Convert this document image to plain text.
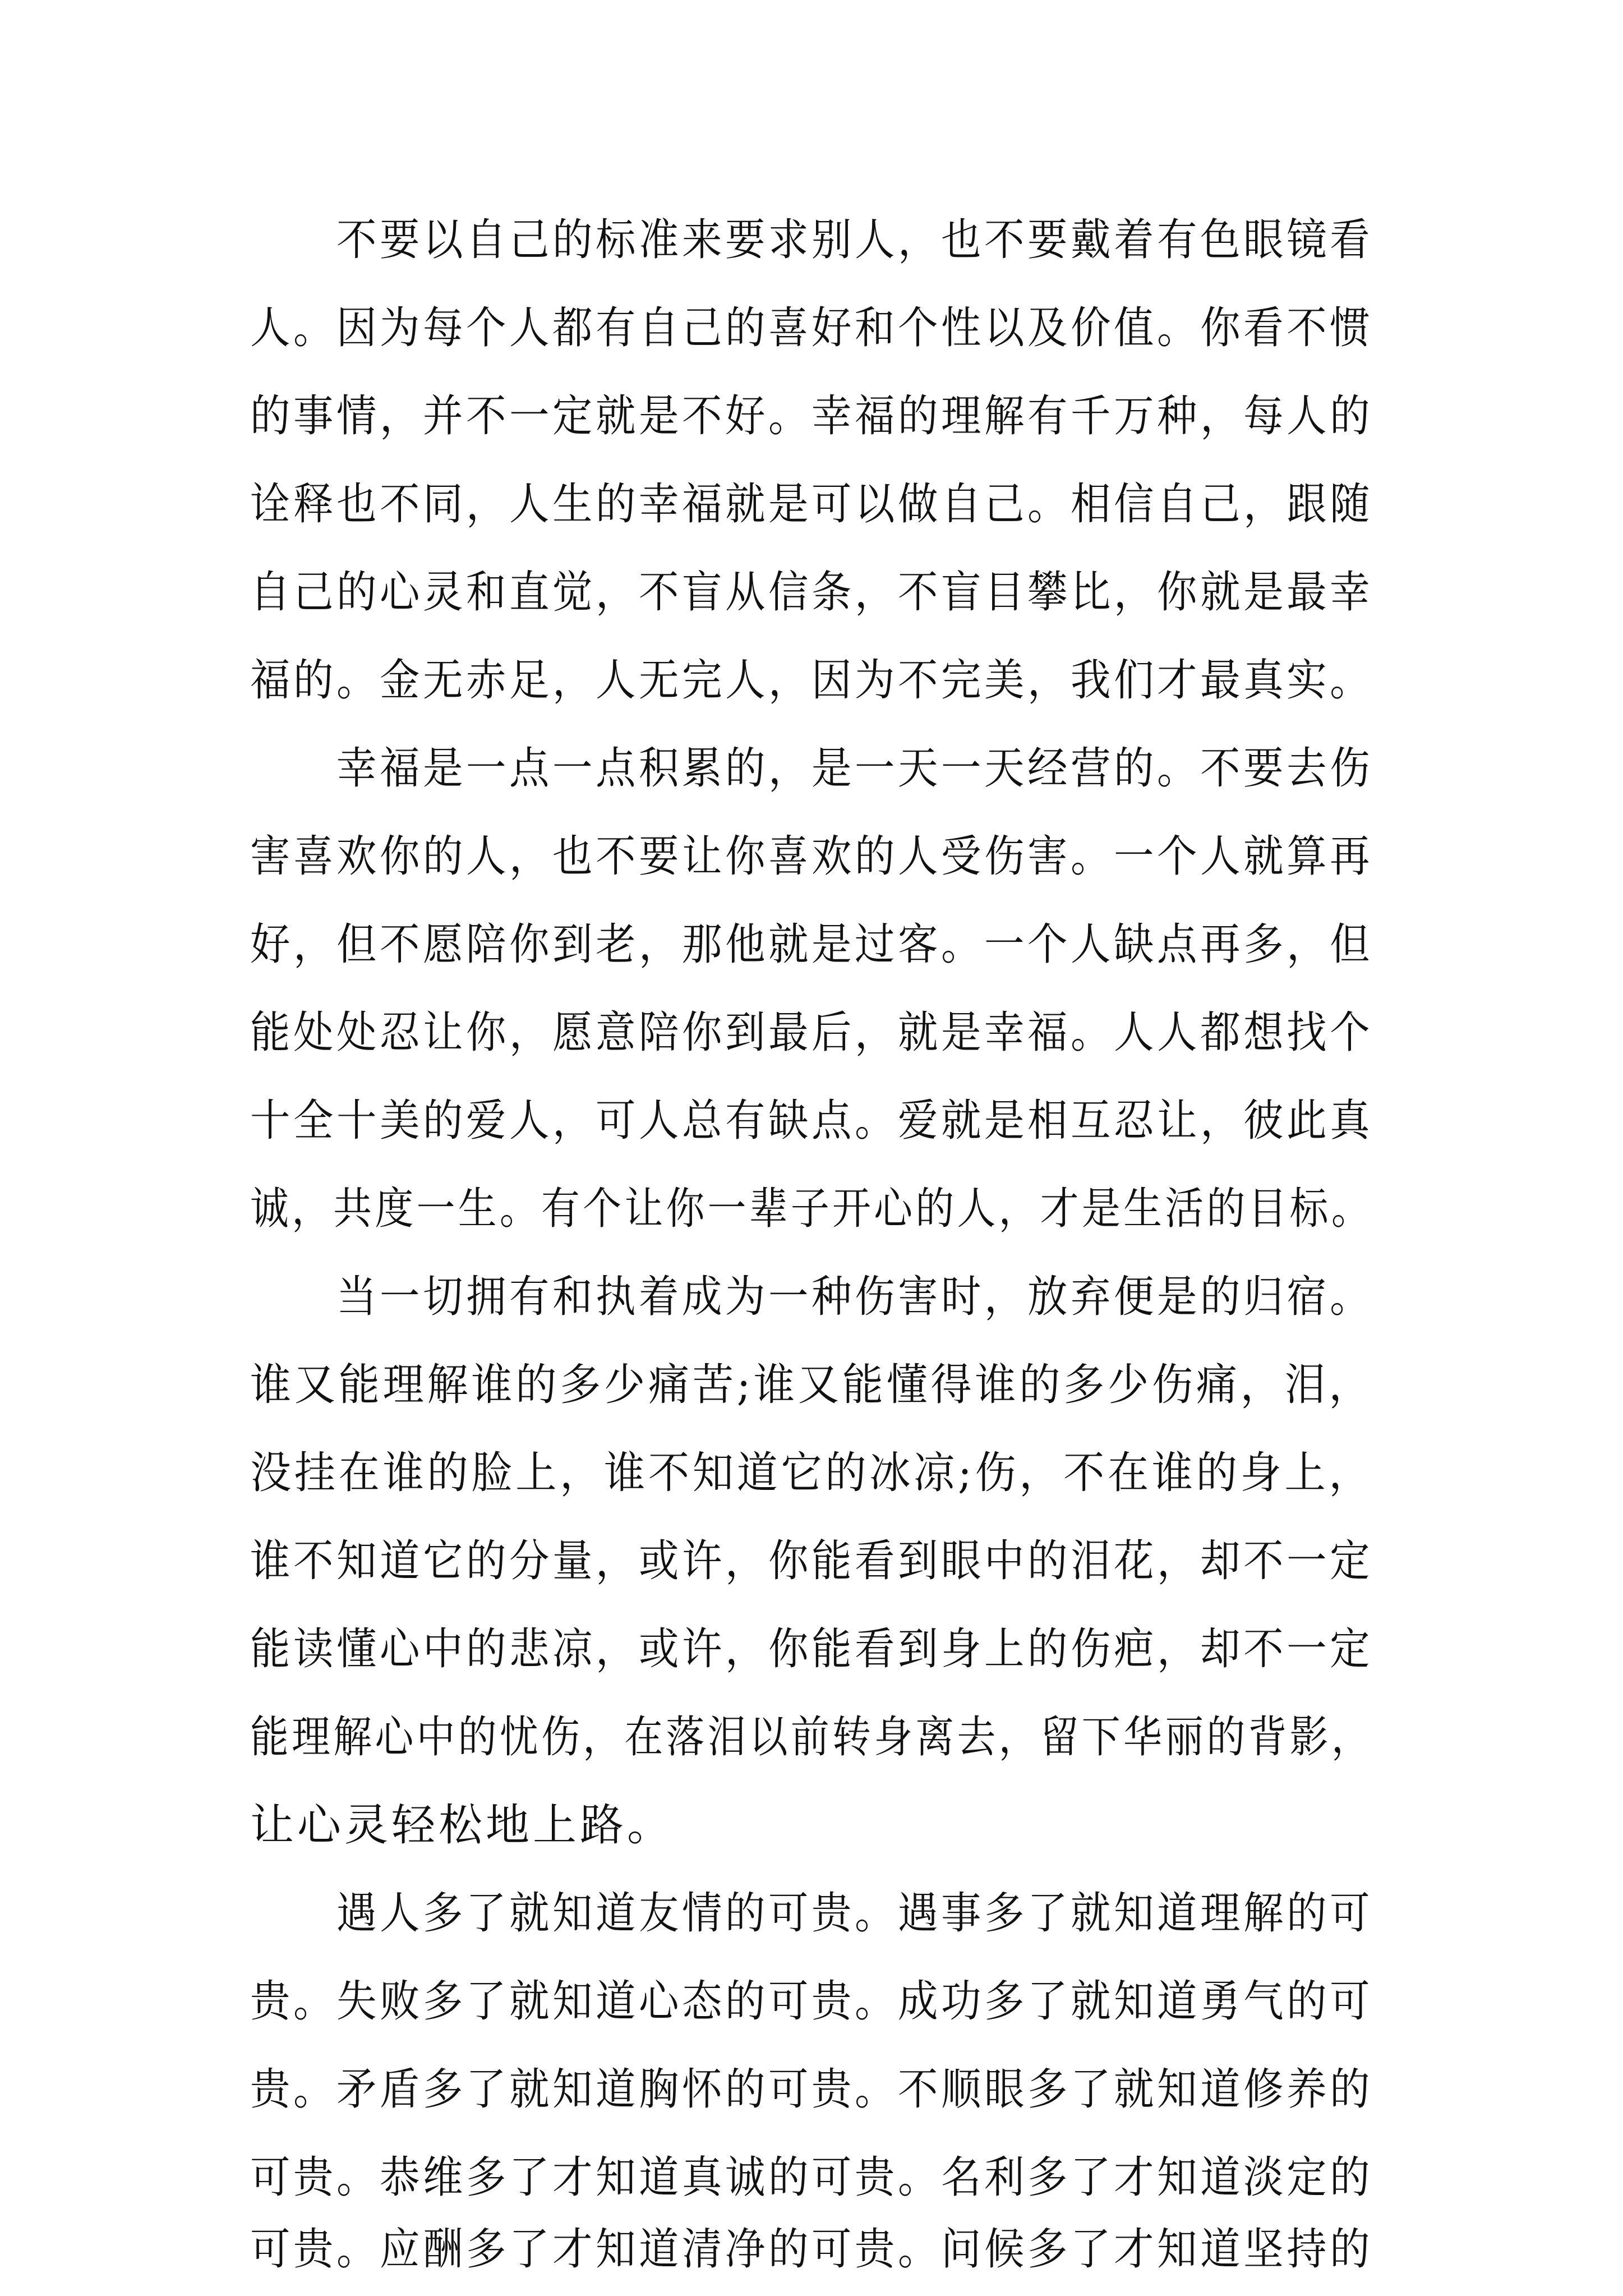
不要以自己的标准来要求别人，也不要戴着有色眼镜看

人。因为每个人都有自己的喜好和个性以及价值。你看不惯

的事情，并不一定就是不好。幸福的理解有千万种，每人的

诠释也不同，人生的幸福就是可以做自己。相信自己，跟随

自己的心灵和直觉，不盲从信条，不盲目攀比，你就是最幸

福的。金无赤足，人无完人，因为不完美，我们才最真实。

幸福是一点一点积累的，是一天一天经营的。不要去伤

害喜欢你的人，也不要让你喜欢的人受伤害。一个人就算再

好，但不愿陪你到老，那他就是过客。一个人缺点再多，但

能处处忍让你，愿意陪你到最后，就是幸福。人人都想找个

十全十美的爱人，可人总有缺点。爱就是相互忍让，彼此真

诚，共度一生。有个让你一辈子开心的人，才是生活的目标。

当一切拥有和执着成为一种伤害时，放弃便是的归宿。

谁又能理解谁的多少痛苦;谁又能懂得谁的多少伤痛，泪，

没挂在谁的脸上，谁不知道它的冰凉;伤，不在谁的身上，

谁不知道它的分量，或许，你能看到眼中的泪花，却不一定

能读懂心中的悲凉，或许，你能看到身上的伤疤，却不一定

能理解心中的忧伤，在落泪以前转身离去，留下华丽的背影，

让心灵轻松地上路。

遇人多了就知道友情的可贵。遇事多了就知道理解的可

贵。失败多了就知道心态的可贵。成功多了就知道勇气的可

贵。矛盾多了就知道胸怀的可贵。不顺眼多了就知道修养的

可贵。恭维多了才知道真诚的可贵。名利多了才知道淡定的

可贵。应酬多了才知道清净的可贵。问候多了才知道坚持的
